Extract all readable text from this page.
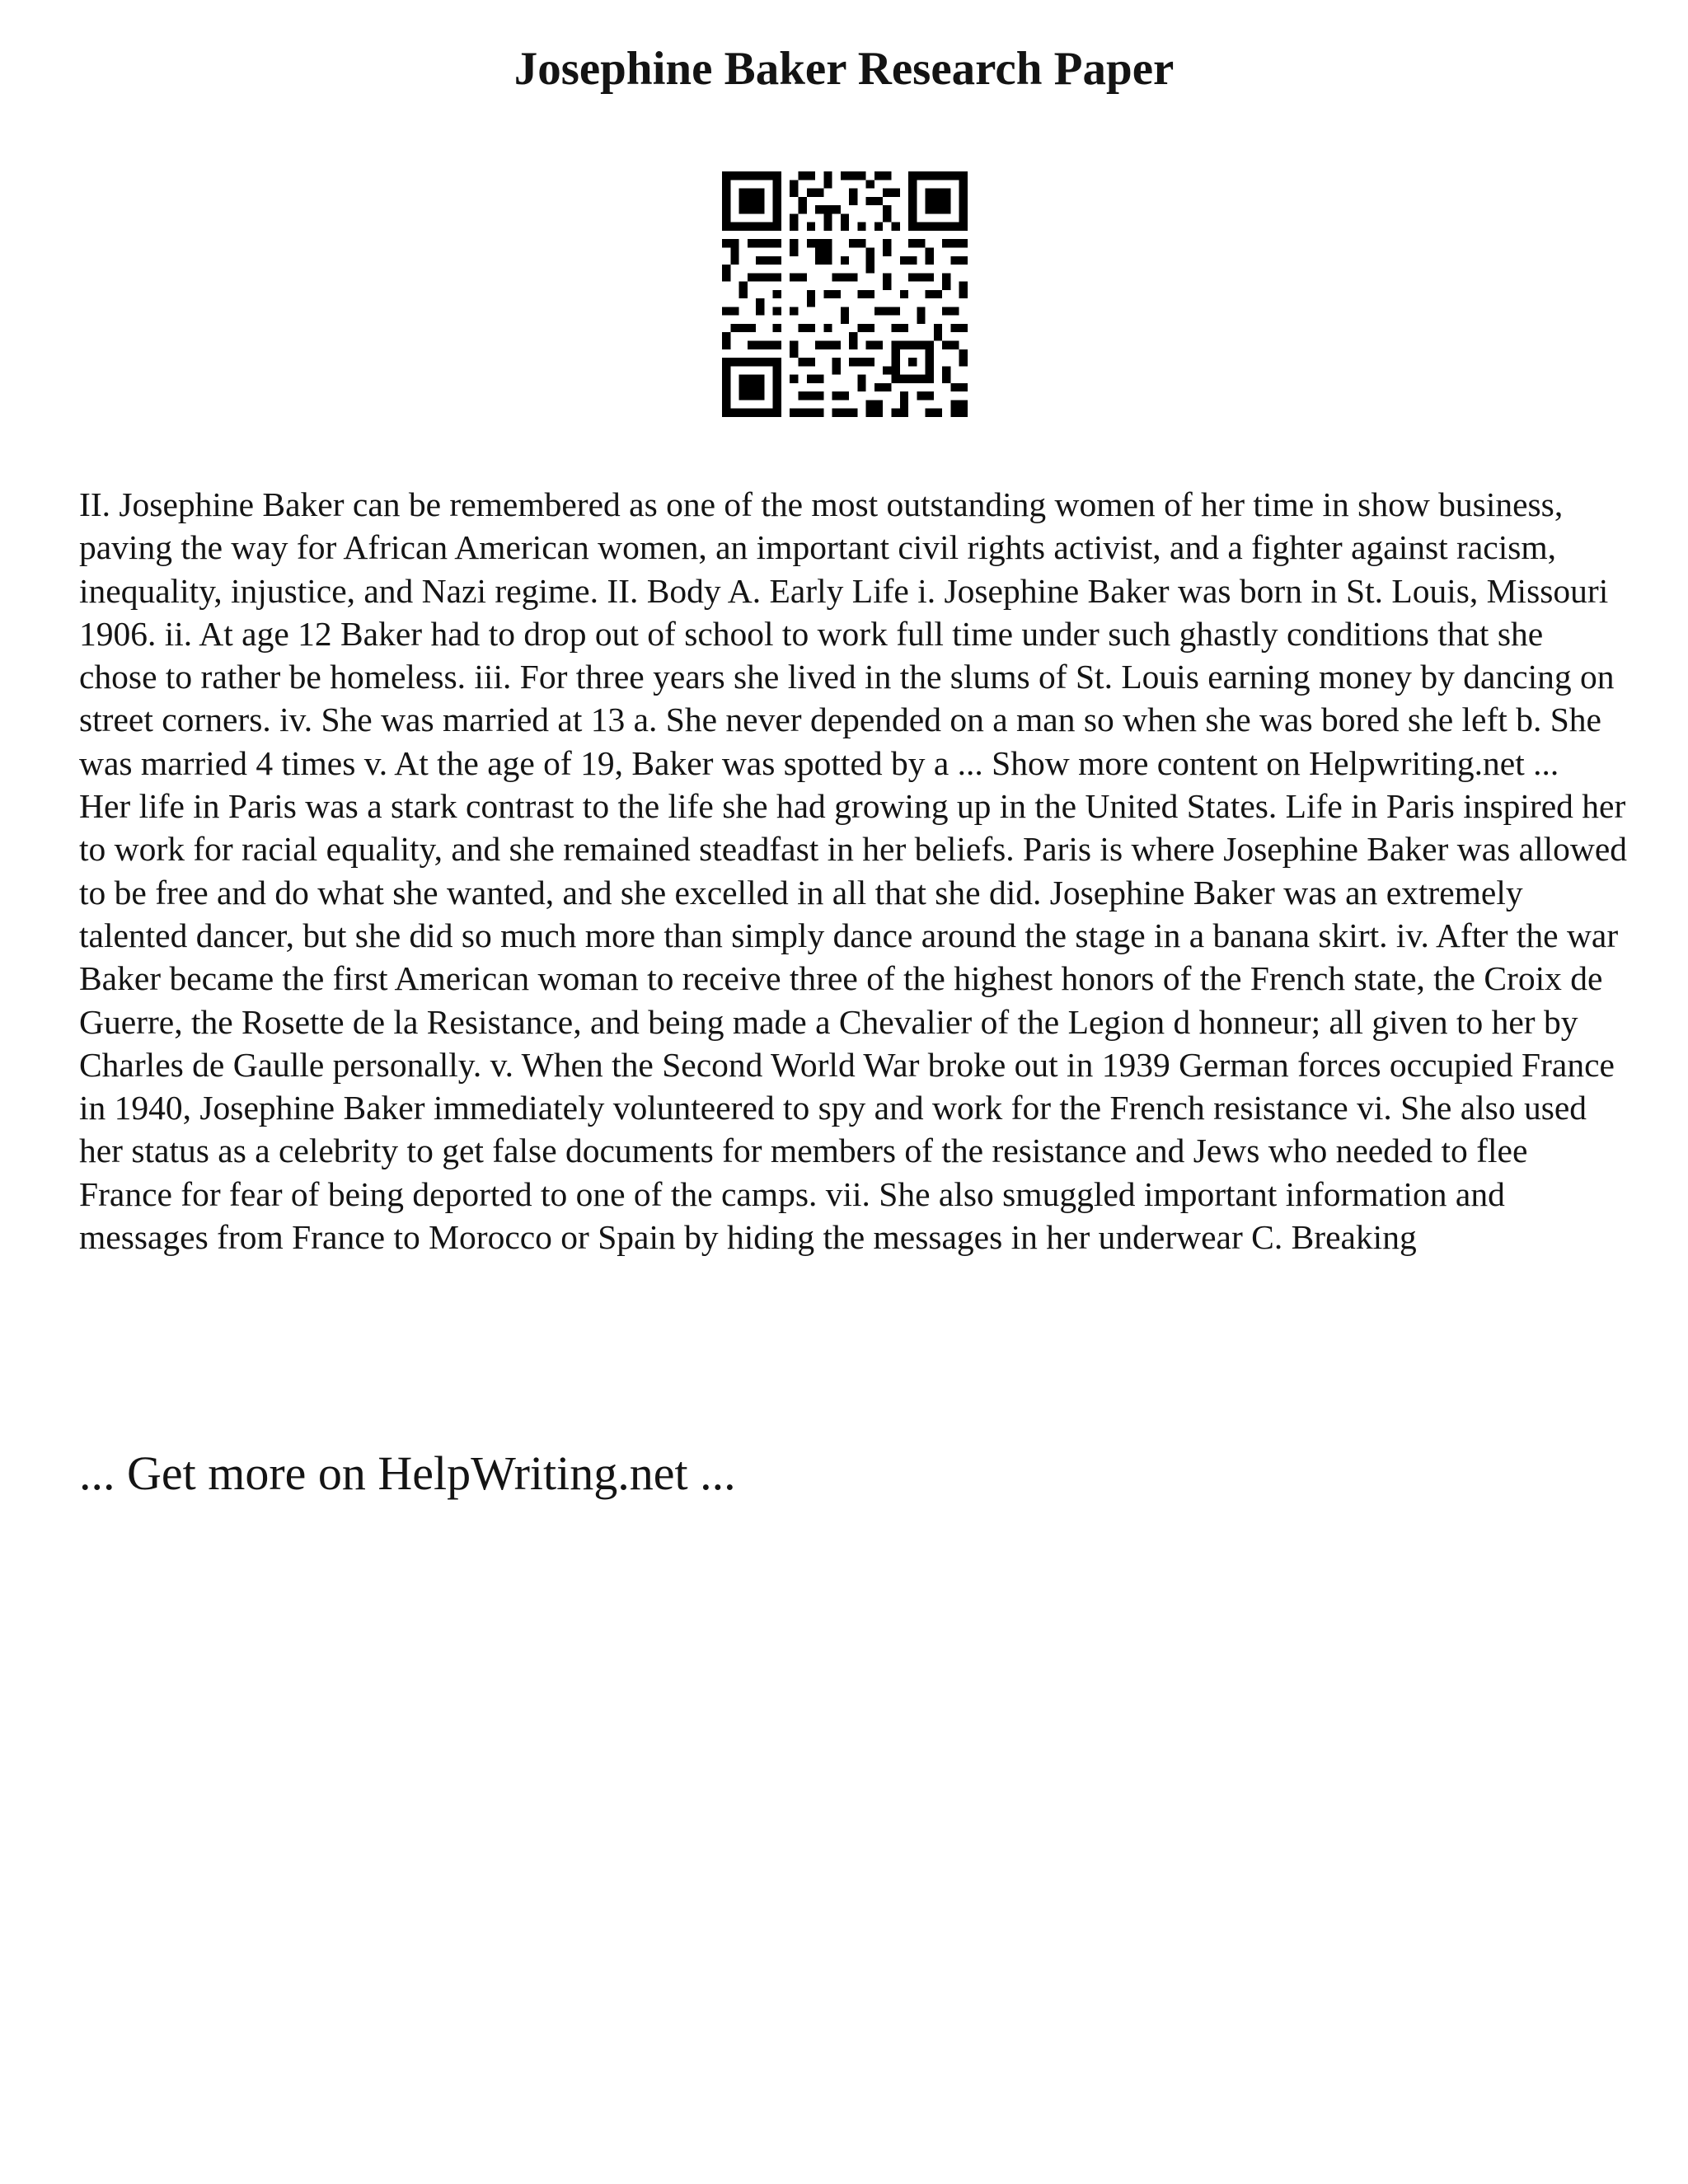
Josephine Baker Research Paper

II. Josephine Baker can be remembered as one of the most outstanding women of her time in show business, paving the way for African American women, an important civil rights activist, and a fighter against racism, inequality, injustice, and Nazi regime. II. Body A. Early Life i. Josephine Baker was born in St. Louis, Missouri 1906. ii. At age 12 Baker had to drop out of school to work full time under such ghastly conditions that she chose to rather be homeless. iii. For three years she lived in the slums of St. Louis earning money by dancing on street corners. iv. She was married at 13 a. She never depended on a man so when she was bored she left b. She was married 4 times v. At the age of 19, Baker was spotted by a ... Show more content on Helpwriting.net ...

Her life in Paris was a stark contrast to the life she had growing up in the United States. Life in Paris inspired her to work for racial equality, and she remained steadfast in her beliefs. Paris is where Josephine Baker was allowed to be free and do what she wanted, and she excelled in all that she did. Josephine Baker was an extremely talented dancer, but she did so much more than simply dance around the stage in a banana skirt. iv. After the war Baker became the first American woman to receive three of the highest honors of the French state, the Croix de Guerre, the Rosette de la Resistance, and being made a Chevalier of the Legion d honneur; all given to her by Charles de Gaulle personally. v. When the Second World War broke out in 1939 German forces occupied France in 1940, Josephine Baker immediately volunteered to spy and work for the French resistance vi. She also used her status as a celebrity to get false documents for members of the resistance and Jews who needed to flee France for fear of being deported to one of the camps. vii. She also smuggled important information and messages from France to Morocco or Spain by hiding the messages in her underwear C. Breaking

... Get more on HelpWriting.net ...
